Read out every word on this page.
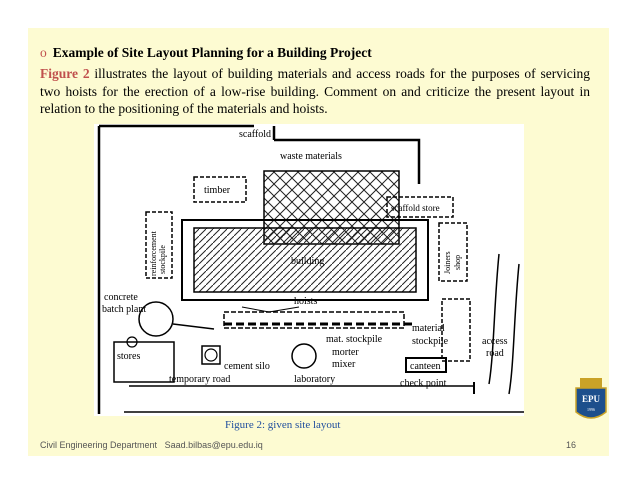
o Example of Site Layout Planning for a Building Project
Figure 2 illustrates the layout of building materials and access roads for the purposes of servicing two hoists for the erection of a low-rise building. Comment on and criticize the present layout in relation to the positioning of the materials and hoists.
scaffold
waste materials
timber
scaffold store
reinforcement stockpile	building	Joiners shop
concrete
batch plant
hoists
mat. stockpile
material
stockpile	access
road
stores
cement silo
morter
mixer	canteen
temporary road	laboratory	check point
Figure 2: given site layout
Civil Engineering Department Saad.bilbas@epu.edu.iq	16
EPU
1996
